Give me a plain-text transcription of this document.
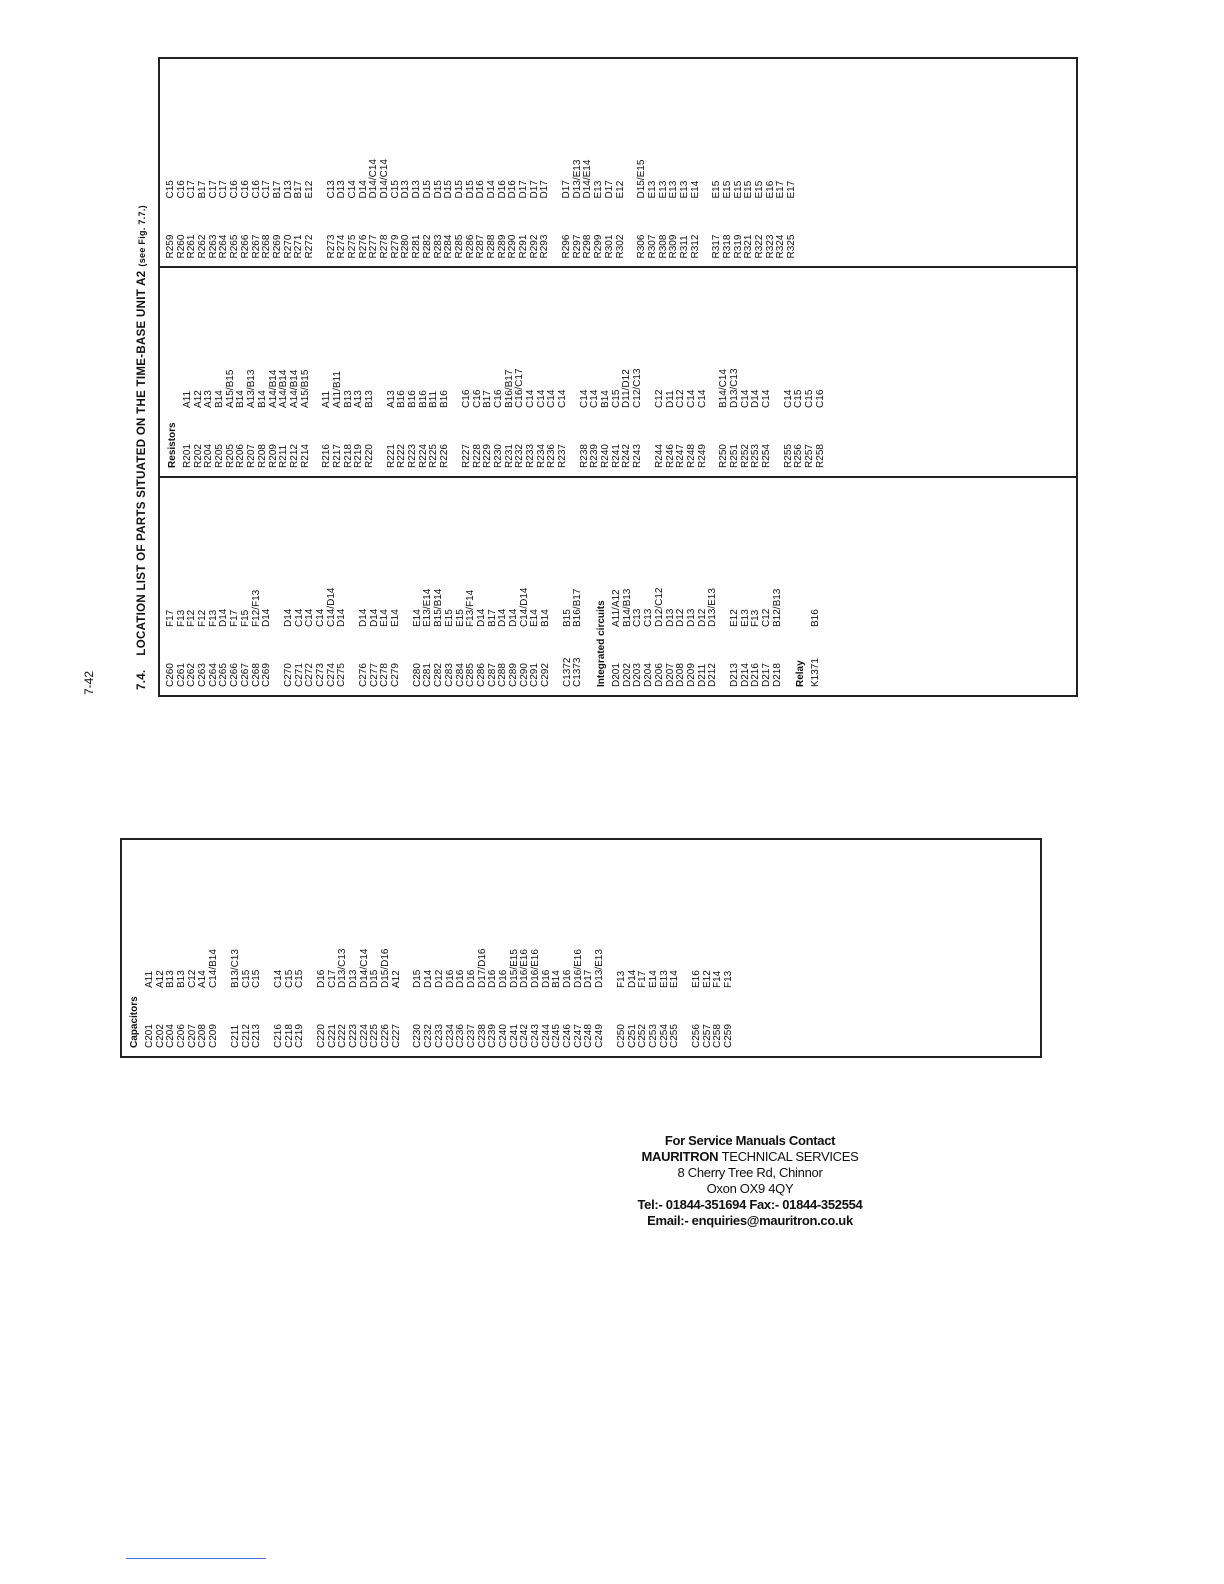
7-42	7.4.LOCATION LIST OF PARTS SITUATED ON THE TIME-BASE UNIT A2(see Fig. 7.7.)
C260
F17
C261
F13
C262
F12
C263
F12
C264
F13
C265
D14
C266
F17
C267
F15
C268
F12/F13
C269
D14
C270
D14
C271
C14
C272
C14
C273
C14
C274
C14/D14
C275
D14
C276
D14
C277
D14
C278
E14
C279
E14
C280
E14
C281
E13/E14
C282
B15/B14
C283
E15
C284
E15
C285
F13/F14
C286
D14
C287
B17
C288
D14
C289
D14
C290
C14/D14
C291
E14
C292
B14
C1372
B15
C1373
B16/B17 Integrated circuits D201
A11/A12
D202
B14/B13
D203
C13
D204
C13
D206
D12/C12
D207
D13
D208
D12
D209
D13
D211
D12
D212
D13/E13
D213
E12
D214
E13
D216
F13
D217
C12
D218
B12/B13
Relay K1371
B16
Resistors R201
A11
R202
A12
R204
A13
R205
B14
R205
A15/B15
R206
B14
R207
A13/B13
R208
B14
R209
A14/B14
R211
A14/B14
R212
A14/B14
R214
A15/B15
R216
A11
R217
A11/B11
R218
B13
R219
A13
R220
B13
R221
A13
R222
B16
R223
B16
R224
B16
R225
B11
R226
B16
R227
C16
R228
C16
R229
B17
R230
C16
R231
B16/B17
R232
C16/C17
R233
C14
R234
C14
R236
C14
R237
C14
R238
C14
R239
C14
R240
B14
R241
C15
R242
D11/D12
R243
C12/C13
R244
C12
R246
D11
R247
C12
R248
C14
R249
C14
R250
B14/C14
R251
D13/C13
R252
C14
R253
D14
R254
C14
R255
C14
R256
C15
R257
C15
R258
C16
R259
C15
R260
C16
R261
C17
R262
B17
R263
C17
R264
C17
R265
C16
R266
C16
R267
C16
R268
C17
R269
B17
R270
D13
R271
B17
R272
E12
R273
C13
R274
D13
R275
C14
R276
D14
R277
D14/C14
R278
D14/C14
R279
C15
R280
D13
R281
D13
R282
D15
R283
D15
R284
D15
R285
D15
R286
D15
R287
D16
R288
D14
R289
D16
R290
D16
R291
D17
R292
D17
R293
D17
R296
D17
R297
D13/E13
R298
D14/E14
R299
E13
R301
D17
R302
E12
R306
D15/E15
R307
E13
R308
E13
R309
E13
R311
E13
R312
E14
R317
E15
R318
E15
R319
E15
R321
E15
R322
E15
R323
E16
R324
E17
R325
E17
Capacitors C201
A11
C202
A12
C204
B13
C206
B13
C207
C12
C208
A14
C209
C14/B14
C211
B13/C13
C212
C15
C213
C15
C216
C14
C218
C15
C219
C15
C220
D16
C221
C17
C222
D13/C13
C223
D13
C224
D14/C14
C225
D15
C226
D15/D16
C227
A12
C230
D15
C232
D14
C233
D12
C234
D16
C236
D16
C237
D16
C238
D17/D16
C239
D16
C240
D16
C241
D15/E15
C242
D16/E16
C243
D16/E16
C244
D16
C245
B14
C246
D16
C247
D16/E16
C248
D17
C249
D13/E13
C250
F13
C251
D14
C252
F17
C253
E14
C254
E13
C255
E14
C256
E16
C257
E12
C258
F14
C259
F13
For Service Manuals Contact
MAURITRON TECHNICAL SERVICES
8 Cherry Tree Rd, Chinnor
Oxon OX9 4QY
Tel:- 01844-351694 Fax:- 01844-352554
Email:- enquiries@mauritron.co.uk
